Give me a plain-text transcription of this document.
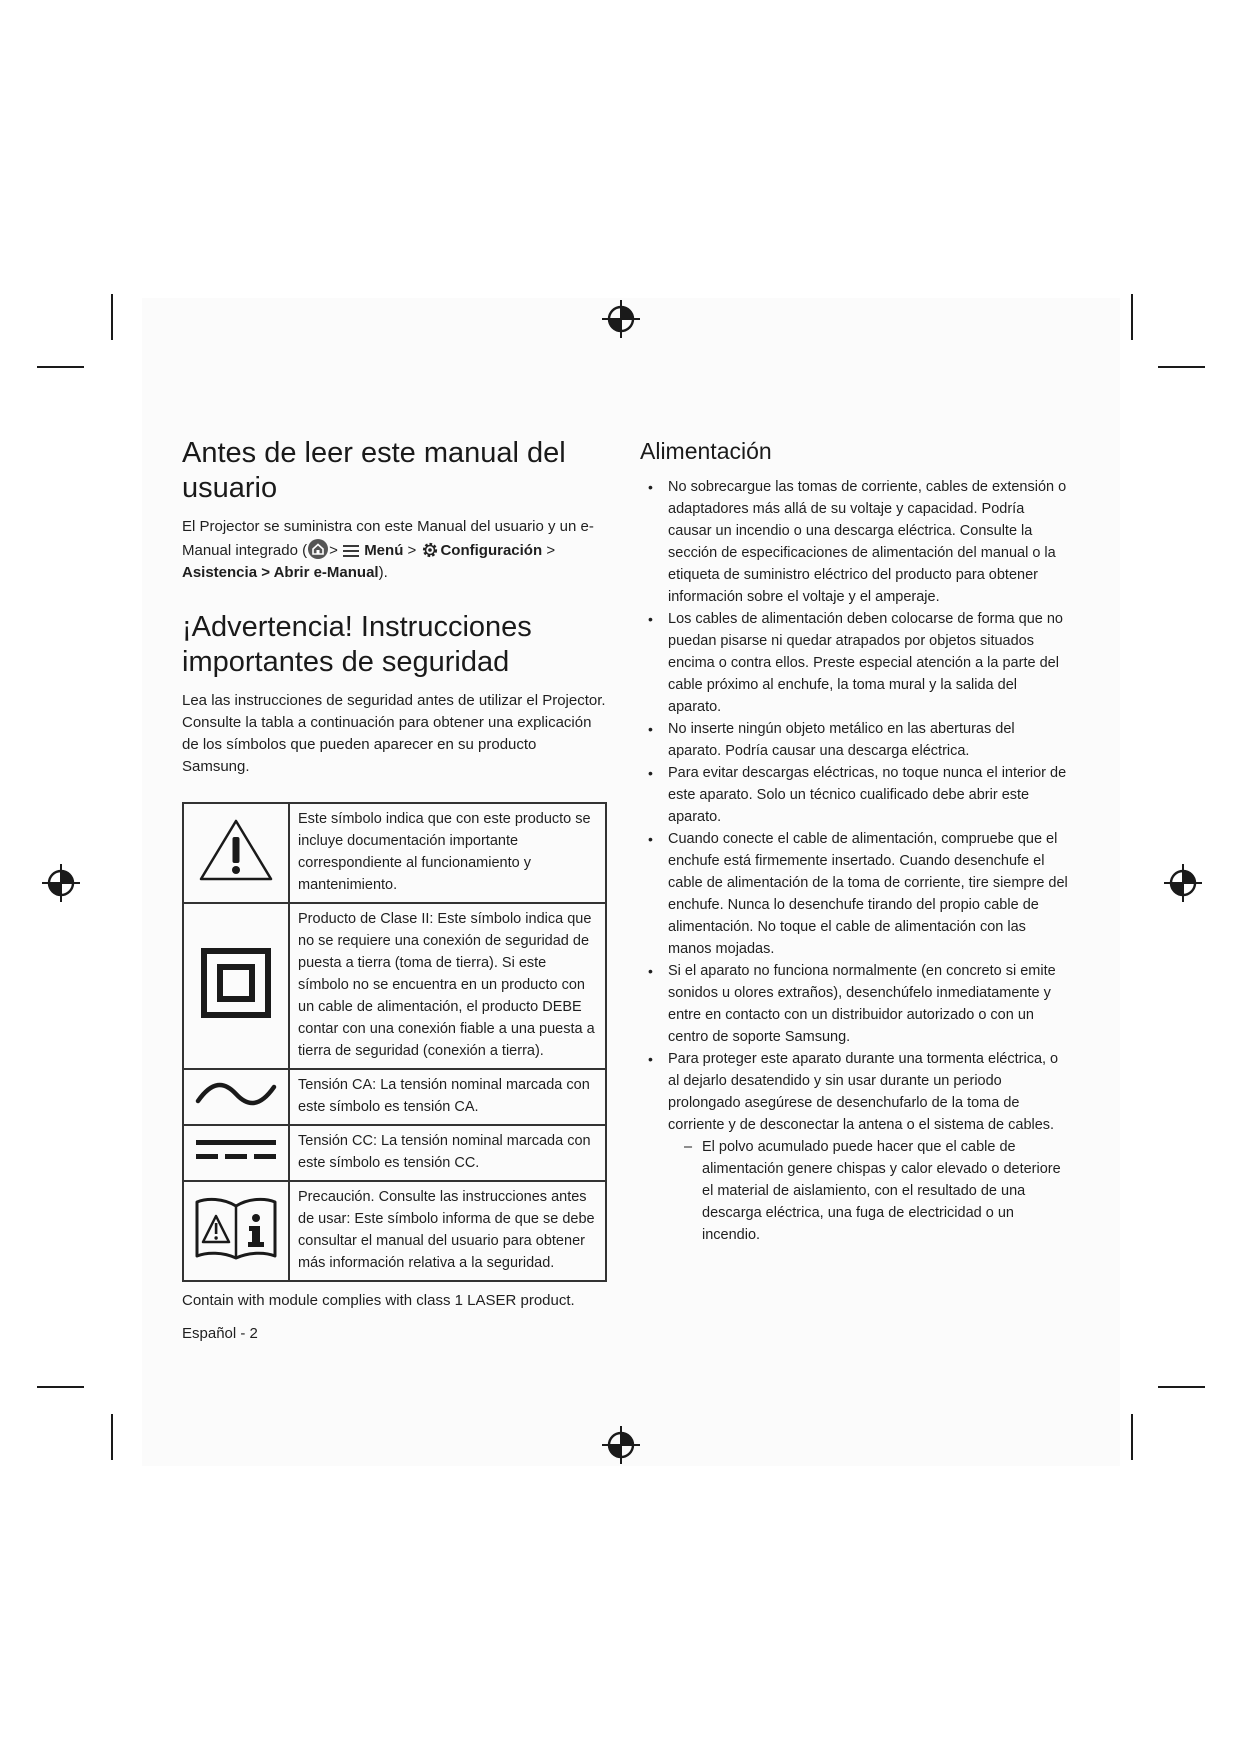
Antes de leer este manual del usuario

El Projector se suministra con este Manual del usuario y un e-Manual integrado ( > Menú > Configuración >
Asistencia > Abrir e-Manual).

¡Advertencia! Instrucciones importantes de seguridad

Lea las instrucciones de seguridad antes de utilizar el Projector. Consulte la tabla a continuación para obtener una explicación de los símbolos que pueden aparecer en su producto Samsung.

	Este símbolo indica que con este producto se incluye documentación importante correspondiente al funcionamiento y mantenimiento.
	Producto de Clase II: Este símbolo indica que no se requiere una conexión de seguridad de puesta a tierra (toma de tierra). Si este símbolo no se encuentra en un producto con un cable de alimentación, el producto DEBE contar con una conexión fiable a una puesta a tierra de seguridad (conexión a tierra).
	Tensión CA: La tensión nominal marcada con este símbolo es tensión CA.
	Tensión CC: La tensión nominal marcada con este símbolo es tensión CC.
	Precaución. Consulte las instrucciones antes de usar: Este símbolo informa de que se debe consultar el manual del usuario para obtener más información relativa a la seguridad.
Contain with module complies with class 1 LASER product.
Alimentación
• No sobrecargue las tomas de corriente, cables de extensión o adaptadores más allá de su voltaje y capacidad. Podría causar un incendio o una descarga eléctrica. Consulte la sección de especificaciones de alimentación del manual o la etiqueta de suministro eléctrico del producto para obtener información sobre el voltaje y el amperaje.
• Los cables de alimentación deben colocarse de forma que no puedan pisarse ni quedar atrapados por objetos situados encima o contra ellos. Preste especial atención a la parte del cable próximo al enchufe, la toma mural y la salida del aparato.
• No inserte ningún objeto metálico en las aberturas del aparato. Podría causar una descarga eléctrica.
• Para evitar descargas eléctricas, no toque nunca el interior de este aparato. Solo un técnico cualificado debe abrir este aparato.
• Cuando conecte el cable de alimentación, compruebe que el enchufe está firmemente insertado. Cuando desenchufe el cable de alimentación de la toma de corriente, tire siempre del enchufe. Nunca lo desenchufe tirando del propio cable de alimentación. No toque el cable de alimentación con las manos mojadas.
• Si el aparato no funciona normalmente (en concreto si emite sonidos u olores extraños), desenchúfelo inmediatamente y entre en contacto con un distribuidor autorizado o con un centro de soporte Samsung.
• Para proteger este aparato durante una tormenta eléctrica, o al dejarlo desatendido y sin usar durante un periodo prolongado asegúrese de desenchufarlo de la toma de corriente y de desconectar la antena o el sistema de cables.
– El polvo acumulado puede hacer que el cable de alimentación genere chispas y calor elevado o deteriore el material de aislamiento, con el resultado de una descarga eléctrica, una fuga de electricidad o un incendio.
Español - 2
